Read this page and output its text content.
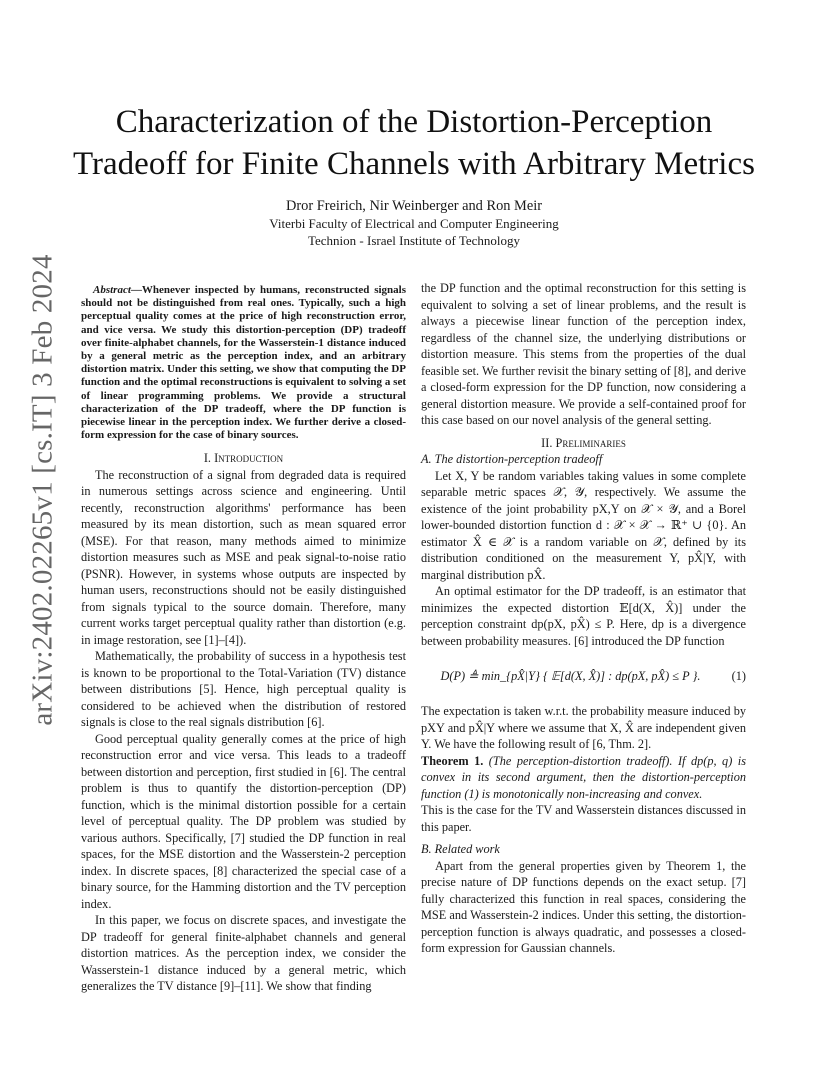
arXiv:2402.02265v1 [cs.IT] 3 Feb 2024
Characterization of the Distortion-Perception
Tradeoff for Finite Channels with Arbitrary Metrics
Dror Freirich, Nir Weinberger and Ron Meir
Viterbi Faculty of Electrical and Computer Engineering
Technion - Israel Institute of Technology

Abstract—Whenever inspected by humans, reconstructed signals should not be distinguished from real ones. Typically, such a high perceptual quality comes at the price of high reconstruction error, and vice versa. We study this distortion-perception (DP) tradeoff over finite-alphabet channels, for the Wasserstein-1 distance induced by a general metric as the perception index, and an arbitrary distortion matrix. Under this setting, we show that computing the DP function and the optimal reconstructions is equivalent to solving a set of linear programming problems. We provide a structural characterization of the DP tradeoff, where the DP function is piecewise linear in the perception index. We further derive a closed-form expression for the case of binary sources.

I. Introduction

The reconstruction of a signal from degraded data is required in numerous settings across science and engineering. Until recently, reconstruction algorithms' performance has been measured by its mean distortion, such as mean squared error (MSE). For that reason, many methods aimed to minimize distortion measures such as MSE and peak signal-to-noise ratio (PSNR). However, in systems whose outputs are inspected by human users, reconstructions should not be easily distinguished from signals typical to the source domain. Therefore, many current works target perceptual quality rather than distortion (e.g. in image restoration, see [1]–[4]).

Mathematically, the probability of success in a hypothesis test is known to be proportional to the Total-Variation (TV) distance between distributions [5]. Hence, high perceptual quality is considered to be achieved when the distribution of restored signals is close to the real signals distribution [6].

Good perceptual quality generally comes at the price of high reconstruction error and vice versa. This leads to a tradeoff between distortion and perception, first studied in [6]. The central problem is thus to quantify the distortion-perception (DP) function, which is the minimal distortion possible for a certain level of perceptual quality. The DP problem was studied by various authors. Specifically, [7] studied the DP function in real spaces, for the MSE distortion and the Wasserstein-2 perception index. In discrete spaces, [8] characterized the special case of a binary source, for the Hamming distortion and the TV perception index.

In this paper, we focus on discrete spaces, and investigate the DP tradeoff for general finite-alphabet channels and general distortion matrices. As the perception index, we consider the Wasserstein-1 distance induced by a general metric, which generalizes the TV distance [9]–[11]. We show that finding

the DP function and the optimal reconstruction for this setting is equivalent to solving a set of linear problems, and the result is always a piecewise linear function of the perception index, regardless of the channel size, the underlying distributions or distortion measure. This stems from the properties of the dual feasible set. We further revisit the binary setting of [8], and derive a closed-form expression for the DP function, now considering a general distortion measure. We provide a self-contained proof for this case based on our novel analysis of the general setting.

II. Preliminaries

A. The distortion-perception tradeoff

Let X, Y be random variables taking values in some complete separable metric spaces 𝒳, 𝒴, respectively. We assume the existence of the joint probability pX,Y on 𝒳 × 𝒴, and a Borel lower-bounded distortion function d : 𝒳 × 𝒳 → ℝ⁺ ∪ {0}. An estimator X̂ ∈ 𝒳 is a random variable on 𝒳, defined by its distribution conditioned on the measurement Y, pX̂|Y, with marginal distribution pX̂.

An optimal estimator for the DP tradeoff, is an estimator that minimizes the expected distortion 𝔼[d(X, X̂)] under the perception constraint dp(pX, pX̂) ≤ P. Here, dp is a divergence between probability measures. [6] introduced the DP function

D(P) ≜ min_{pX̂|Y} { 𝔼[d(X, X̂)] : dp(pX, pX̂) ≤ P }.	(1)

The expectation is taken w.r.t. the probability measure induced by pXY and pX̂|Y where we assume that X, X̂ are independent given Y. We have the following result of [6, Thm. 2].

Theorem 1. (The perception-distortion tradeoff). If dp(p, q) is convex in its second argument, then the distortion-perception function (1) is monotonically non-increasing and convex.

This is the case for the TV and Wasserstein distances discussed in this paper.

B. Related work

Apart from the general properties given by Theorem 1, the precise nature of DP functions depends on the exact setup. [7] fully characterized this function in real spaces, considering the MSE and Wasserstein-2 indices. Under this setting, the distortion-perception function is always quadratic, and possesses a closed-form expression for Gaussian channels.
